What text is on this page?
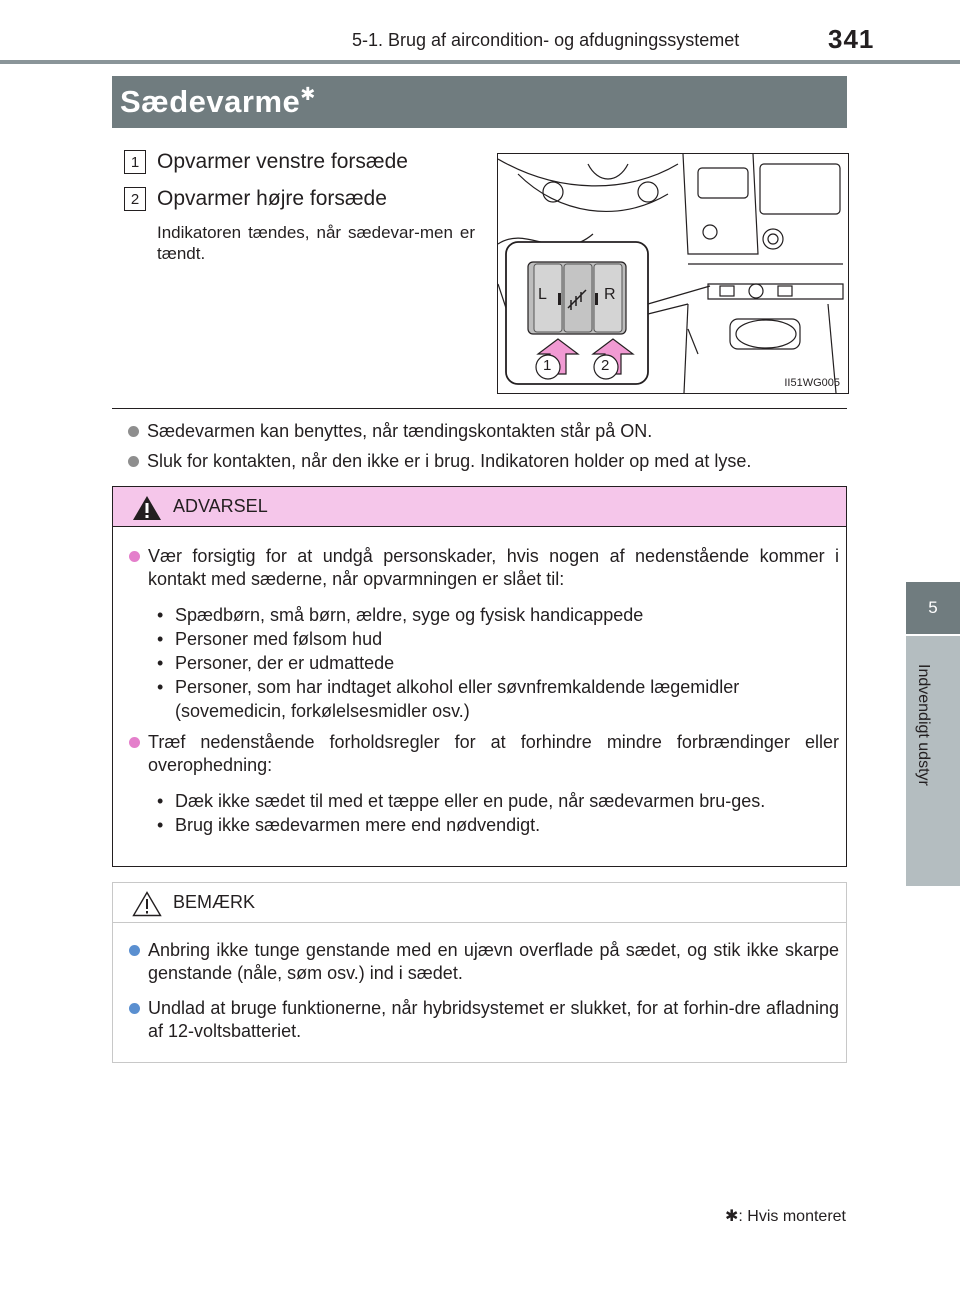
5-1. Brug af aircondition- og afdugningssystemet	341
5
Indvendigt udstyr
Sædevarme✱
1 Opvarmer venstre forsæde
2 Opvarmer højre forsæde
Indikatoren tændes, når sædevar-men er tændt.
L	R
1	2
II51WG005
Sædevarmen kan benyttes, når tændingskontakten står på ON.
Sluk for kontakten, når den ikke er i brug. Indikatoren holder op med at lyse.
ADVARSEL
Vær forsigtig for at undgå personskader, hvis nogen af nedenstående kommer i kontakt med sæderne, når opvarmningen er slået til:
• Spædbørn, små børn, ældre, syge og fysisk handicappede
• Personer med følsom hud
• Personer, der er udmattede
• Personer, som har indtaget alkohol eller søvnfremkaldende lægemidler (sovemedicin, forkølelsesmidler osv.)
Træf nedenstående forholdsregler for at forhindre mindre forbrændinger eller overophedning:
• Dæk ikke sædet til med et tæppe eller en pude, når sædevarmen bru-ges.
• Brug ikke sædevarmen mere end nødvendigt.
BEMÆRK
Anbring ikke tunge genstande med en ujævn overflade på sædet, og stik ikke skarpe genstande (nåle, søm osv.) ind i sædet.
Undlad at bruge funktionerne, når hybridsystemet er slukket, for at forhin-dre afladning af 12-voltsbatteriet.
✱: Hvis monteret
